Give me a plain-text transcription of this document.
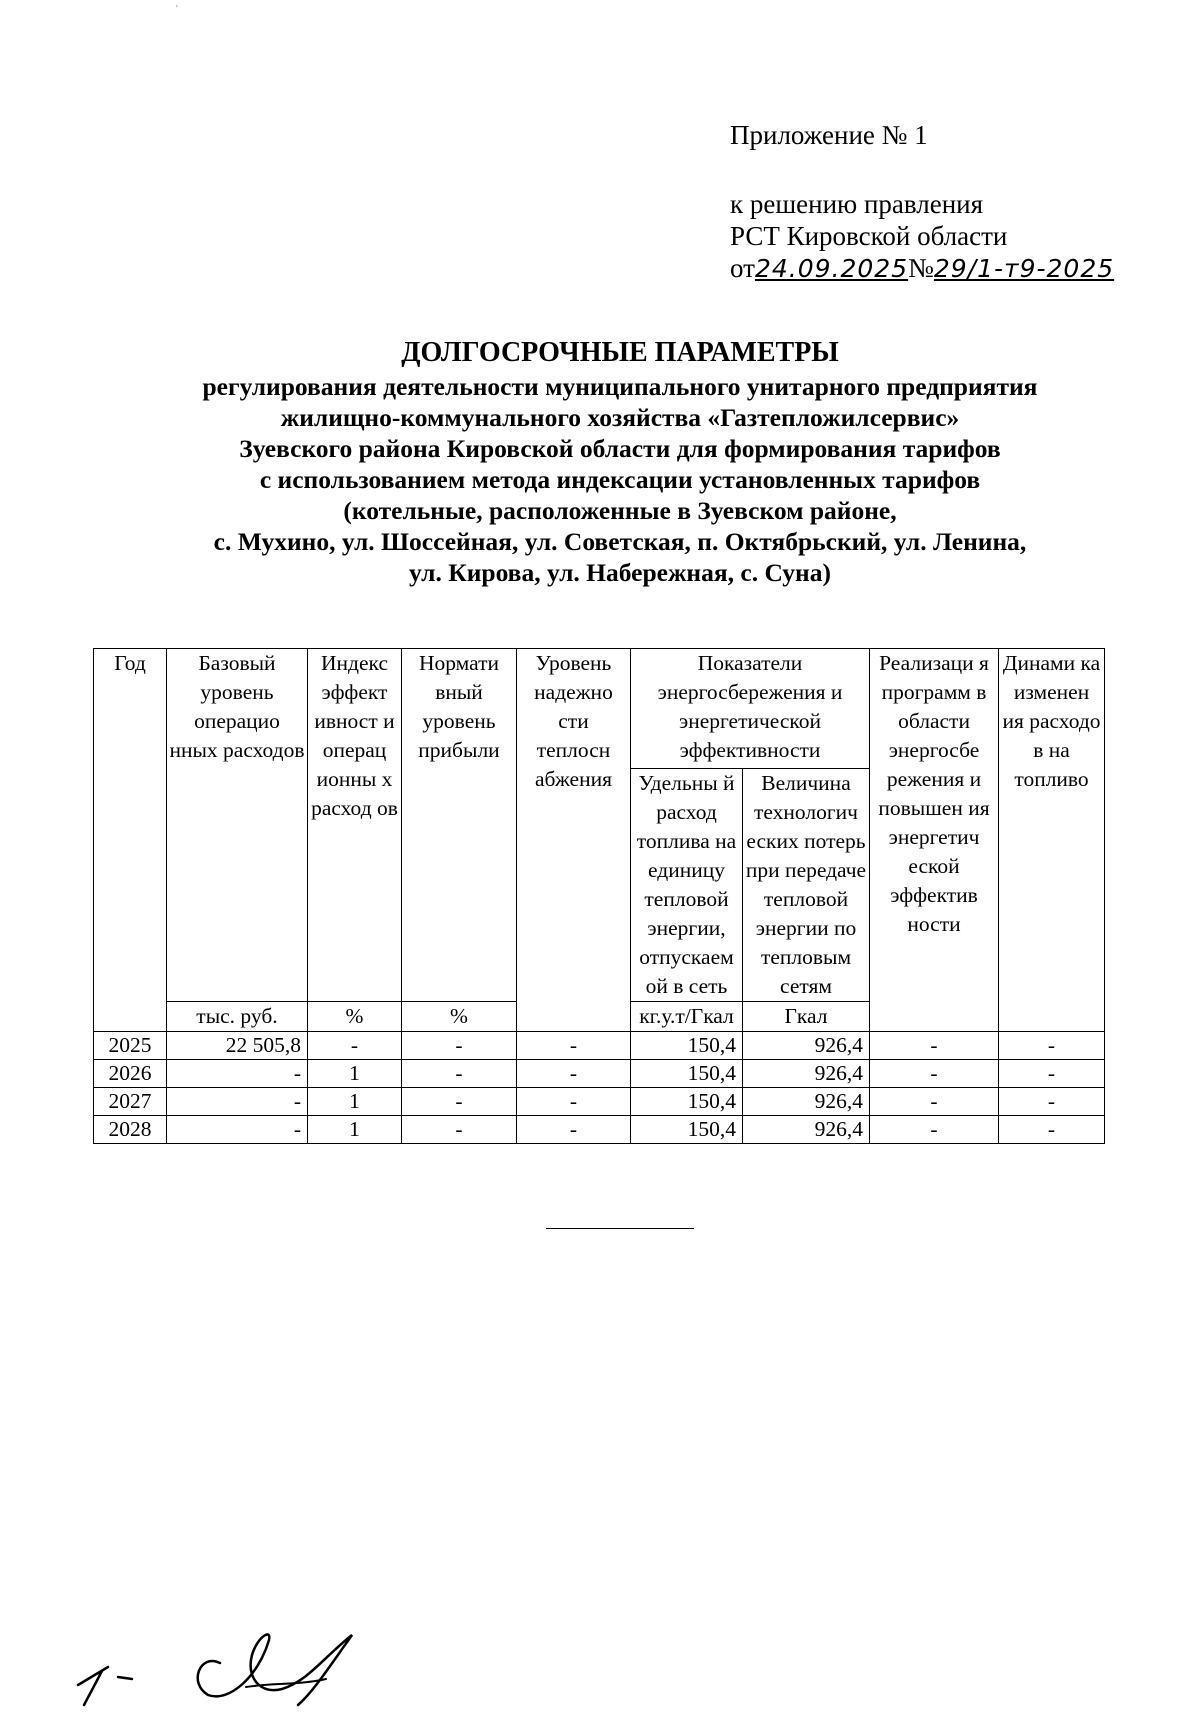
'
Приложение № 1
к решению правления
РСТ Кировской области
от24.09.2025№29/1-т9-2025
ДОЛГОСРОЧНЫЕ ПАРАМЕТРЫ
регулирования деятельности муниципального унитарного предприятия
жилищно-коммунального хозяйства «Газтепложилсервис»
Зуевского района Кировской области для формирования тарифов
с использованием метода индексации установленных тарифов
(котельные, расположенные в Зуевском районе,
с. Мухино, ул. Шоссейная, ул. Советская, п. Октябрьский, ул. Ленина,
ул. Кирова, ул. Набережная, с. Суна)
Год	Базовый уровень операцио нных расходов	Индекс эффект ивност и операц ионны х расход ов	Нормати вный уровень прибыли	Уровень надежно сти теплосн абжения	Показатели энергосбережения и энергетической эффективности		Реализаци я программ в области энергосбе режения и повышен ия энергетич еской эффектив ности	Динами ка изменен ия расходо в на топливо
					Удельны й расход топлива на единицу тепловой энергии, отпускаем ой в сеть	Величина технологич еских потерь при передаче тепловой энергии по тепловым сетям		
	тыс. руб.	%	%		кг.у.т/Гкал	Гкал		
2025	22 505,8	-	-	-	150,4	926,4	-	-
2026	-	1	-	-	150,4	926,4	-	-
2027	-	1	-	-	150,4	926,4	-	-
2028	-	1	-	-	150,4	926,4	-	-
